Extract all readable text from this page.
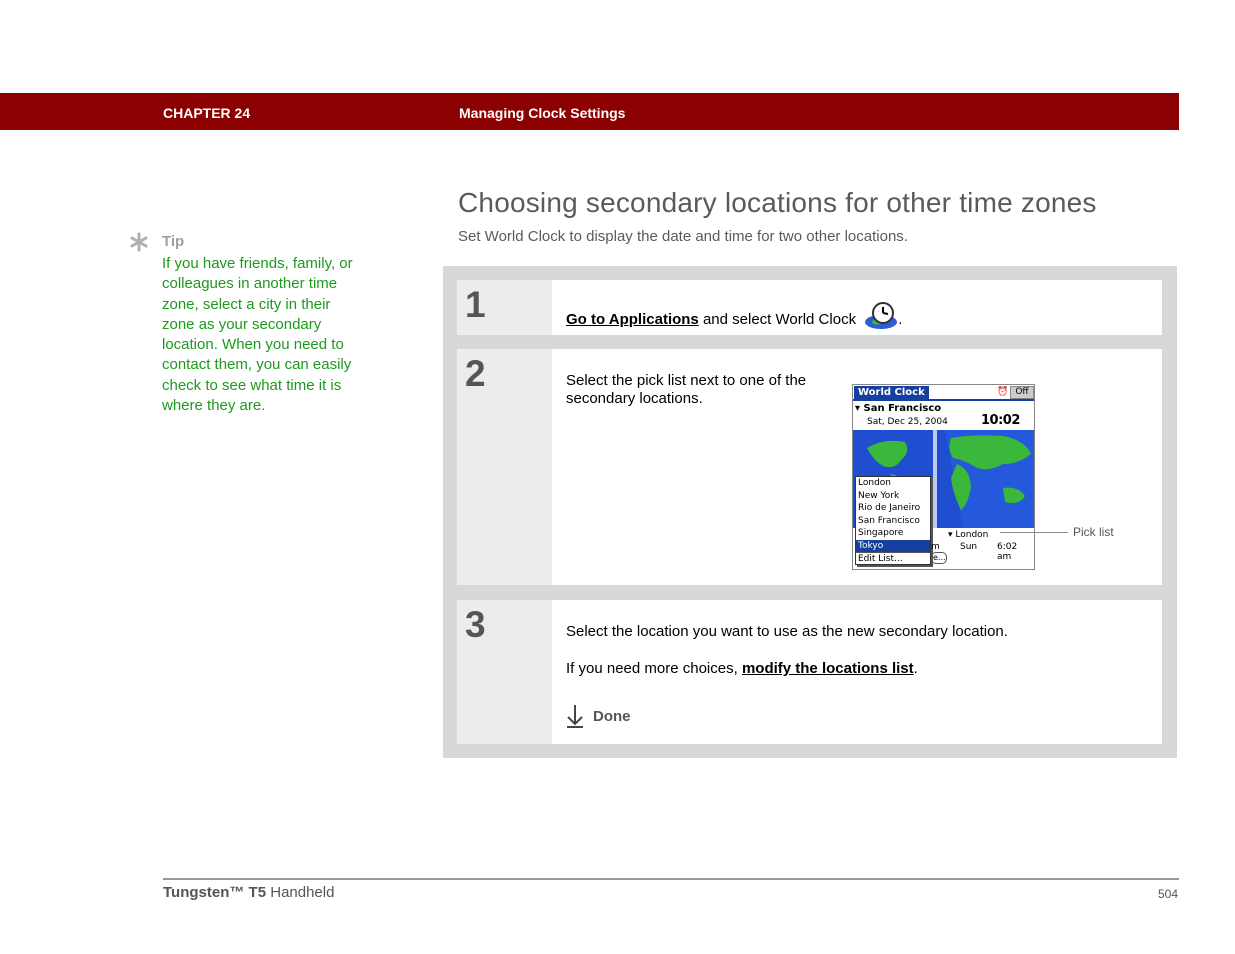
CHAPTER 24	Managing Clock Settings
Choosing secondary locations for other time zones
Set World Clock to display the date and time for two other locations.
Tip
If you have friends, family, or colleagues in another time zone, select a city in their zone as your secondary location. When you need to contact them, you can easily check to see what time it is where they are.
1	Go to Applications and select World Clock	.
2	Select the pick list next to one of the secondary locations.	World Clock	⏰ Off
▾ San Francisco
Sat, Dec 25, 2004	10:02
London
New York
Rio de Janeiro
San Francisco
Singapore
Tokyo
Edit List...
m
e...
▾ London
Sun 6:02 am
Pick list
3	Select the location you want to use as the new secondary location.
If you need more choices, modify the locations list.
Done
Tungsten™ T5 Handheld	504
